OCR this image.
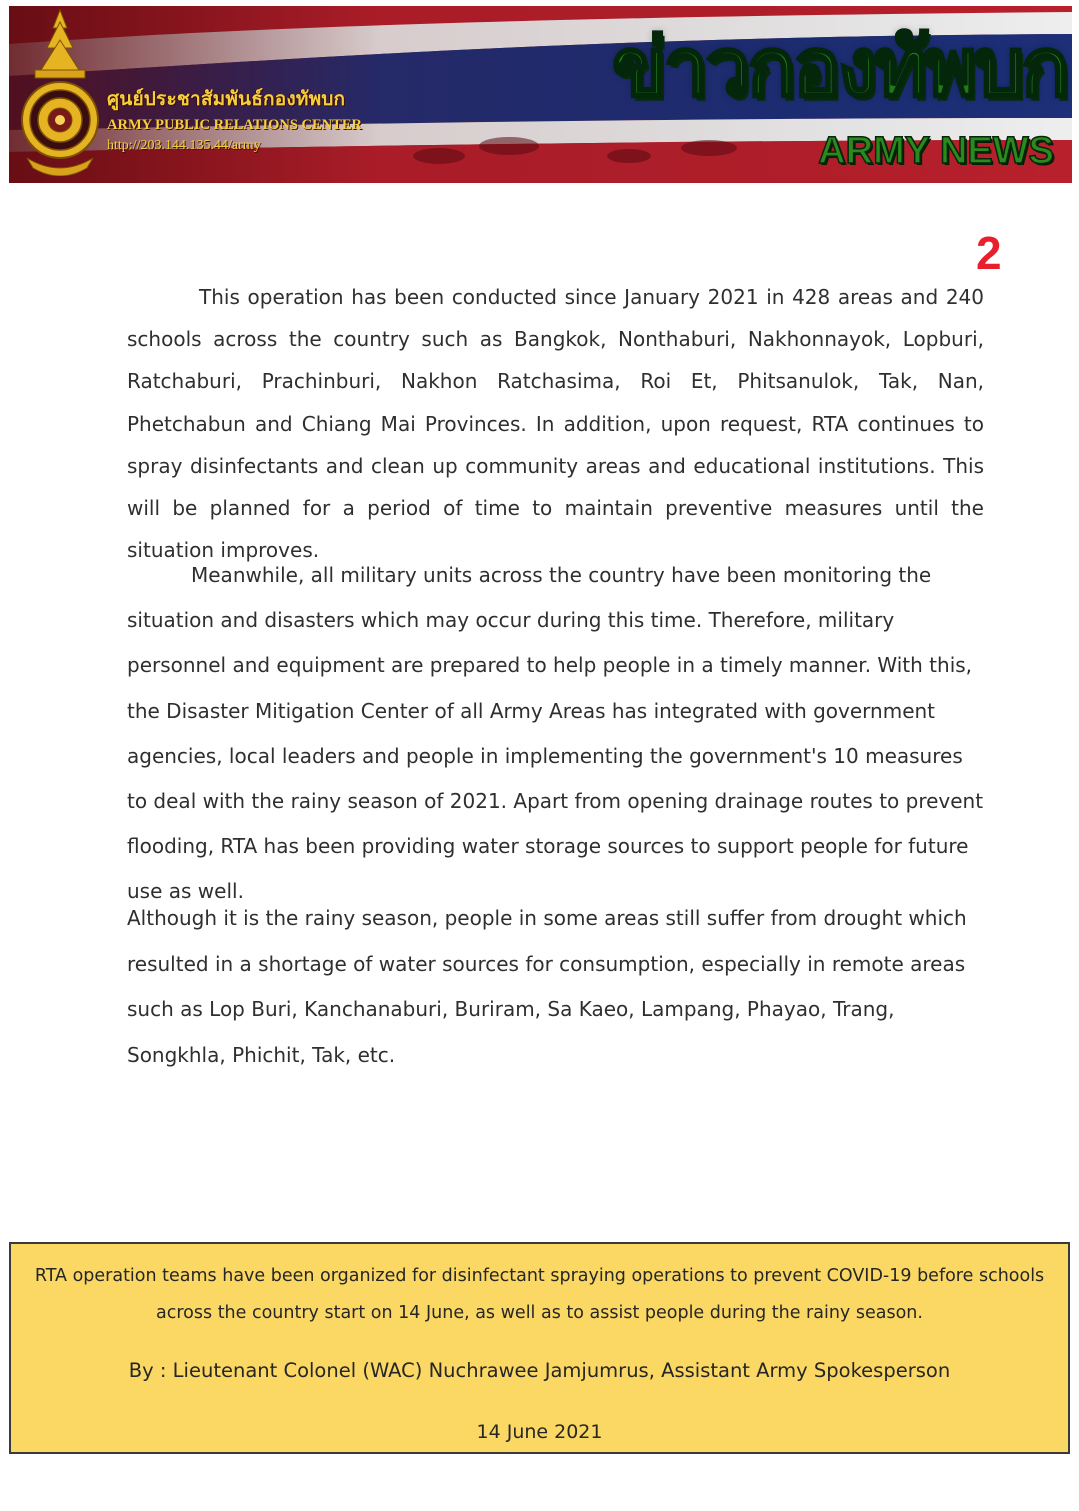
ศูนย์ประชาสัมพันธ์กองทัพบก
ARMY PUBLIC RELATIONS CENTER
http://203.144.135.44/army
ข่าวกองทัพบก
ARMY NEWS
2

This operation has been conducted since January 2021 in 428 areas and 240 schools across the country such as Bangkok, Nonthaburi, Nakhonnayok, Lopburi, Ratchaburi, Prachinburi, Nakhon Ratchasima, Roi Et, Phitsanulok, Tak, Nan, Phetchabun and Chiang Mai Provinces. In addition, upon request, RTA continues to spray disinfectants and clean up community areas and educational institutions. This will be planned for a period of time to maintain preventive measures until the situation improves.

Meanwhile, all military units across the country have been monitoring the situation and disasters which may occur during this time. Therefore, military personnel and equipment are prepared to help people in a timely manner. With this, the Disaster Mitigation Center of all Army Areas has integrated with government agencies, local leaders and people in implementing the government's 10 measures to deal with the rainy season of 2021. Apart from opening drainage routes to prevent flooding, RTA has been providing water storage sources to support people for future use as well.

Although it is the rainy season, people in some areas still suffer from drought which resulted in a shortage of water sources for consumption, especially in remote areas such as Lop Buri, Kanchanaburi, Buriram, Sa Kaeo, Lampang, Phayao, Trang, Songkhla, Phichit, Tak, etc.

RTA operation teams have been organized for disinfectant spraying operations to prevent COVID-19 before schools across the country start on 14 June, as well as to assist people during the rainy season.
By : Lieutenant Colonel (WAC) Nuchrawee Jamjumrus, Assistant Army Spokesperson
14 June 2021
